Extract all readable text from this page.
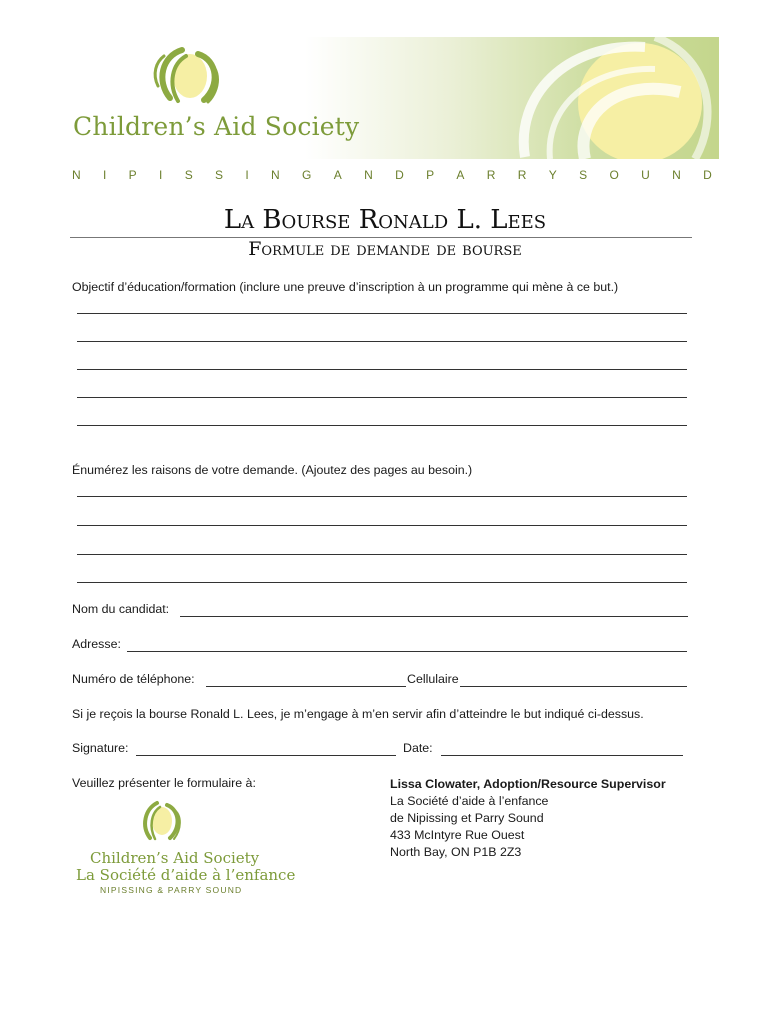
Children’s Aid Society
N I P I S S I N G A N D P A R R Y S O U N D
La Bourse Ronald L. Lees
Formule de demande de bourse
Objectif d’éducation/formation (inclure une preuve d’inscription à un programme qui mène à ce but.)
Énumérez les raisons de votre demande. (Ajoutez des pages au besoin.)
Nom du candidat:
Adresse:
Numéro de téléphone:	Cellulaire
Si je reçois la bourse Ronald L. Lees, je m’engage à m’en servir afin d’atteindre le but indiqué ci-dessus.
Signature:	Date:
Veuillez présenter le formulaire à:	Lissa Clowater, Adoption/Resource Supervisor
La Société d’aide à l’enfance
de Nipissing et Parry Sound
433 McIntyre Rue Ouest
North Bay, ON P1B 2Z3
Children’s Aid Society
La Société d’aide à l’enfance
NIPISSING & PARRY SOUND
